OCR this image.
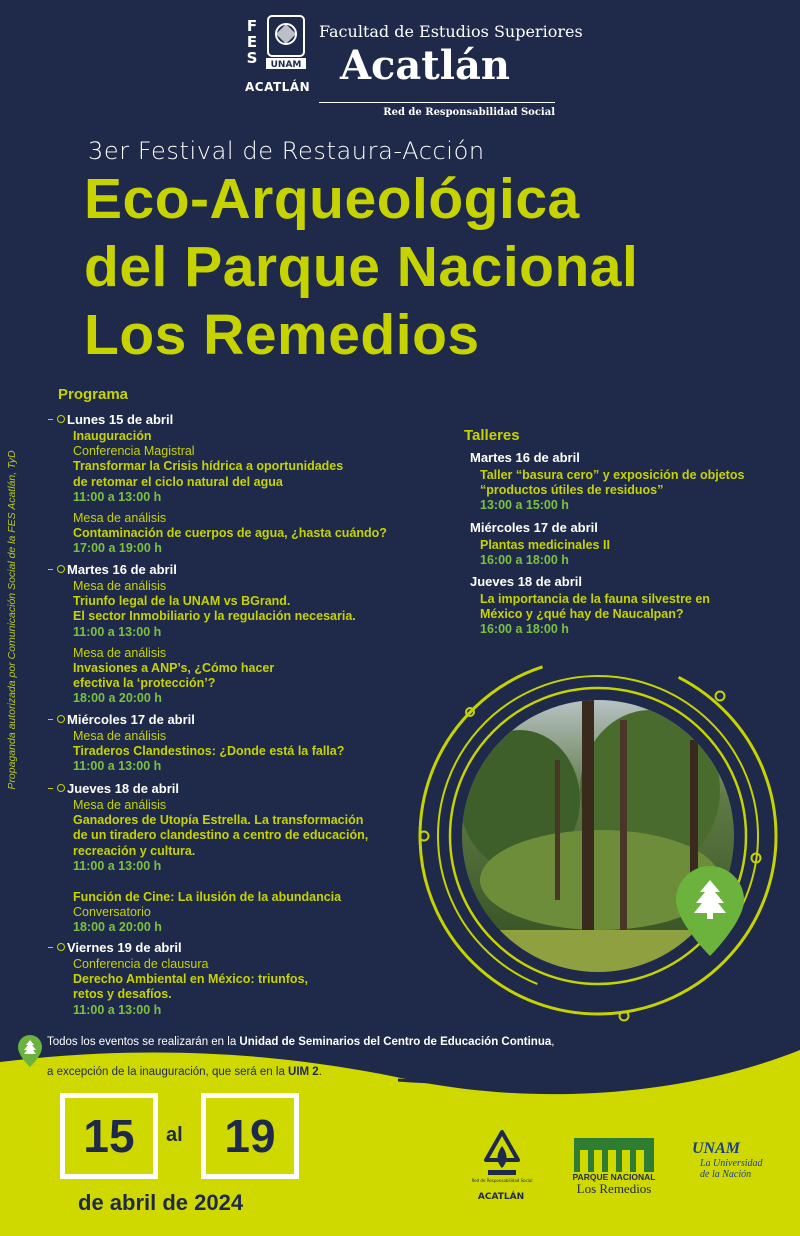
F
E
S	UNAM
ACATLÁN
Facultad de Estudios Superiores
Acatlán
Red de Responsabilidad Social
3er Festival de Restaura-Acción
Eco-Arqueológica
del Parque Nacional
Los Remedios
Propaganda autorizada por Comunicación Social de la FES Acatlán, TyD
Programa
Lunes 15 de abril
Inauguración
Conferencia Magistral
Transformar la Crisis hídrica a oportunidades
de retomar el ciclo natural del agua
11:00 a 13:00 h
Mesa de análisis
Contaminación de cuerpos de agua, ¿hasta cuándo?
17:00 a 19:00 h
Martes 16 de abril
Mesa de análisis
Triunfo legal de la UNAM vs BGrand.
El sector Inmobiliario y la regulación necesaria.
11:00 a 13:00 h
Mesa de análisis
Invasiones a ANP’s, ¿Cómo hacer
efectiva la ‘protección’?
18:00 a 20:00 h
Miércoles 17 de abril
Mesa de análisis
Tiraderos Clandestinos: ¿Donde está la falla?
11:00 a 13:00 h
Jueves 18 de abril
Mesa de análisis
Ganadores de Utopía Estrella. La transformación
de un tiradero clandestino a centro de educación,
recreación y cultura.
11:00 a 13:00 h
Función de Cine: La ilusión de la abundancia
Conversatorio
18:00 a 20:00 h
Viernes 19 de abril
Conferencia de clausura
Derecho Ambiental en México: triunfos,
retos y desafíos.
11:00 a 13:00 h
Talleres
Martes 16 de abril
Taller “basura cero” y exposición de objetos
“productos útiles de residuos”
13:00 a 15:00 h
Miércoles 17 de abril
Plantas medicinales II
16:00 a 18:00 h
Jueves 18 de abril
La importancia de la fauna silvestre en
México y ¿qué hay de Naucalpan?
16:00 a 18:00 h
Todos los eventos se realizarán en la Unidad de Seminarios del Centro de Educación Continua,
a excepción de la inauguración, que será en la UIM 2.
15	al 19
de abril de 2024
Red de Responsabilidad Social
ACATLÁN
PARQUE NACIONAL
Los Remedios
UNAM
La Universidad
de la Nación
